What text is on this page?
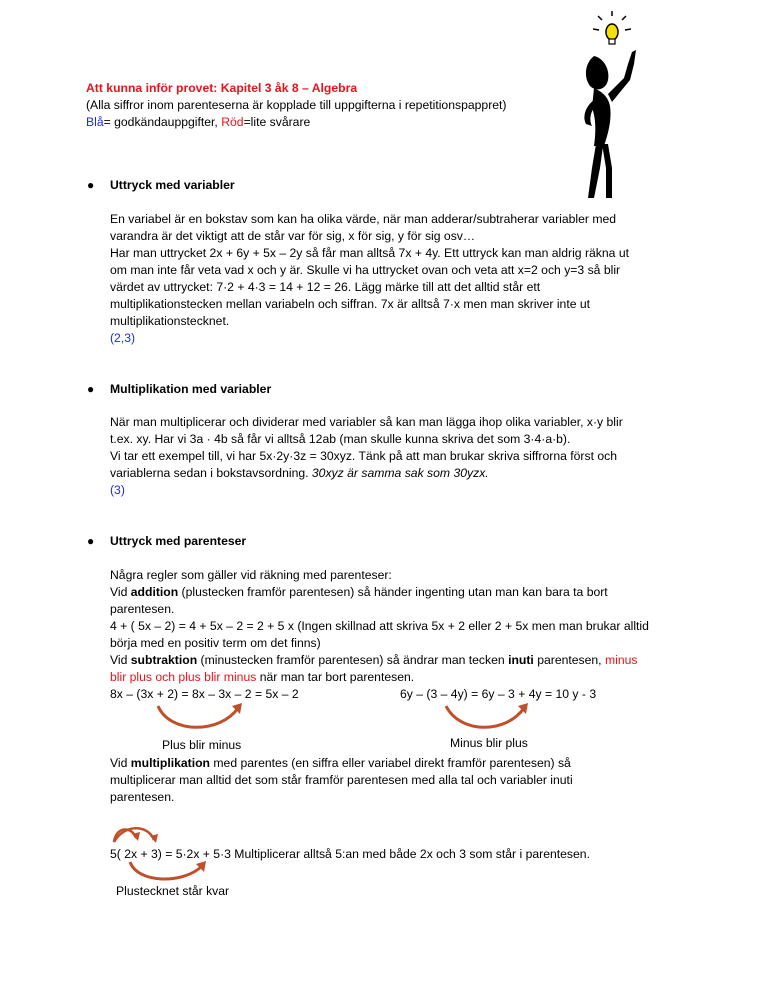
Att kunna inför provet: Kapitel 3 åk 8 – Algebra
(Alla siffror inom parenteserna är kopplade till uppgifterna i repetitionspappret)
Blå= godkändauppgifter, Röd=lite svårare
● Uttryck med variabler
En variabel är en bokstav som kan ha olika värde, när man adderar/subtraherar variabler med
varandra är det viktigt att de står var för sig, x för sig, y för sig osv…
Har man uttrycket 2x + 6y + 5x – 2y så får man alltså 7x + 4y. Ett uttryck kan man aldrig räkna ut
om man inte får veta vad x och y är. Skulle vi ha uttrycket ovan och veta att x=2 och y=3 så blir
värdet av uttrycket: 7·2 + 4·3 = 14 + 12 = 26. Lägg märke till att det alltid står ett
multiplikationstecken mellan variabeln och siffran. 7x är alltså 7·x men man skriver inte ut
multiplikationstecknet.
(2,3)
● Multiplikation med variabler
När man multiplicerar och dividerar med variabler så kan man lägga ihop olika variabler, x·y blir
t.ex. xy. Har vi 3a · 4b så får vi alltså 12ab (man skulle kunna skriva det som 3·4·a·b).
Vi tar ett exempel till, vi har 5x·2y·3z = 30xyz. Tänk på att man brukar skriva siffrorna först och
variablerna sedan i bokstavsordning. 30xyz är samma sak som 30yzx.
(3)
● Uttryck med parenteser
Några regler som gäller vid räkning med parenteser:
Vid addition (plustecken framför parentesen) så händer ingenting utan man kan bara ta bort
parentesen.
4 + ( 5x – 2) = 4 + 5x – 2 = 2 + 5 x (Ingen skillnad att skriva 5x + 2 eller 2 + 5x men man brukar alltid
börja med en positiv term om det finns)
Vid subtraktion (minustecken framför parentesen) så ändrar man tecken inuti parentesen, minus
blir plus och plus blir minus när man tar bort parentesen.
8x – (3x + 2) = 8x – 3x – 2 = 5x – 2	6y – (3 – 4y) = 6y – 3 + 4y = 10 y - 3
Plus blir minus	Minus blir plus
Vid multiplikation med parentes (en siffra eller variabel direkt framför parentesen) så
multiplicerar man alltid det som står framför parentesen med alla tal och variabler inuti
parentesen.
5( 2x + 3) = 5·2x + 5·3 Multiplicerar alltså 5:an med både 2x och 3 som står i parentesen.
Plustecknet står kvar
